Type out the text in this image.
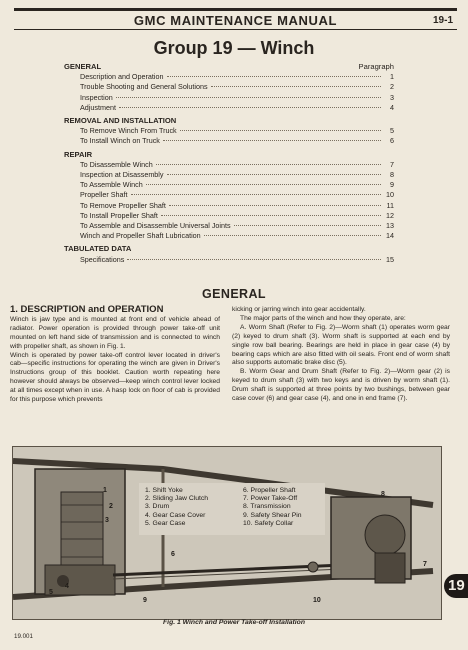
GMC MAINTENANCE MANUAL	19-1
Group 19 — Winch
GENERAL	Paragraph
Description and Operation	1
Trouble Shooting and General Solutions	2
Inspection	3
Adjustment	4
REMOVAL AND INSTALLATION
To Remove Winch From Truck	5
To Install Winch on Truck	6
REPAIR
To Disassemble Winch	7
Inspection at Disassembly	8
To Assemble Winch	9
Propeller Shaft	10
To Remove Propeller Shaft	11
To Install Propeller Shaft	12
To Assemble and Disassemble Universal Joints	13
Winch and Propeller Shaft Lubrication	14
TABULATED DATA
Specifications	15
GENERAL
1. DESCRIPTION and OPERATION

Winch is jaw type and is mounted at front end of vehicle ahead of radiator. Power operation is provided through power take-off unit mounted on left hand side of transmission and is connected to winch with propeller shaft, as shown in Fig. 1.

Winch is operated by power take-off control lever located in driver's cab—specific instructions for operating the winch are given in Driver's Instructions group of this booklet. Caution worth repeating here however should always be observed—keep winch control lever locked at all times except when in use. A hasp lock on floor of cab is provided for this purpose which prevents

kicking or jarring winch into gear accidentally.

The major parts of the winch and how they operate, are:

A. Worm Shaft (Refer to Fig. 2)—Worm shaft (1) operates worm gear (2) keyed to drum shaft (3). Worm shaft is supported at each end by single row ball bearing. Bearings are held in place in gear case (4) by bearing caps which are also fitted with oil seals. Front end of worm shaft also supports automatic brake disc (5).

B. Worm Gear and Drum Shaft (Refer to Fig. 2)—Worm gear (2) is keyed to drum shaft (3) with two keys and is driven by worm shaft (1). Drum shaft is supported at three points by two bushings, between gear case cover (6) and gear case (4), and one in end frame (7).

1. Shift Yoke
2. Sliding Jaw Clutch
3. Drum
4. Gear Case Cover
5. Gear Case
6. Propeller Shaft
7. Power Take-Off
8. Transmission
9. Safety Shear Pin
10. Safety Collar
1
2
3
4
5
6
7
8
9	10
Fig. 1 Winch and Power Take-off Installation
19.001
19
